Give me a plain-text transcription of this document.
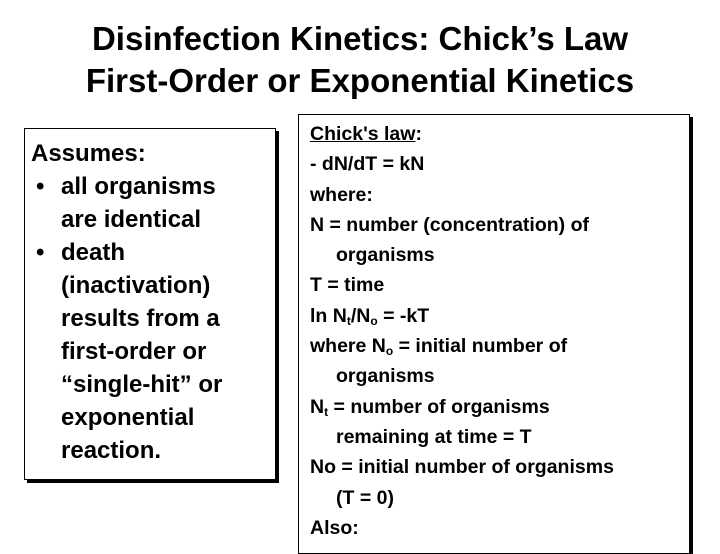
Disinfection Kinetics: Chick’s Law
First-Order or Exponential Kinetics
Assumes:
• all organisms
are identical
• death
(inactivation)
results from a
first-order or
“single-hit” or
exponential
reaction.
Chick's law:
- dN/dT = kN
where:
N = number (concentration) of
organisms
T = time
$\ln N_t/N_o = -kT$
where $N_o$ = initial number of
organisms
$N_t$ = number of organisms
remaining at time = T
No = initial number of organisms
(T = 0)
Also:
